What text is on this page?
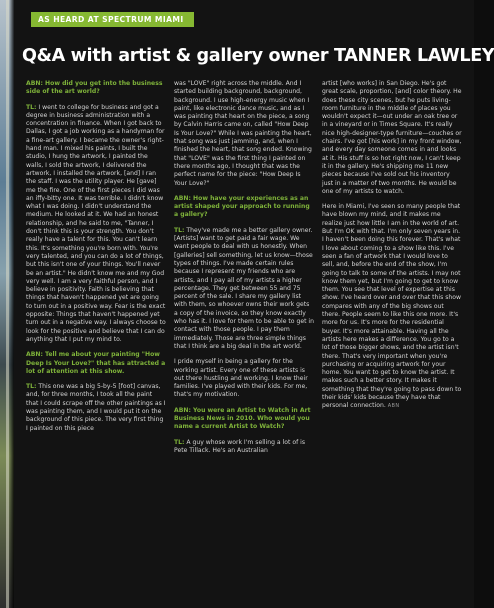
AS HEARD AT SPECTRUM MIAMI
Q&A with artist & gallery owner TANNER LAWLEY

ABN: How did you get into the business side of the art world?

TL: I went to college for business and got a degree in business administration with a concentration in finance. When I got back to Dallas, I got a job working as a handyman for a fine-art gallery. I became the owner's right-hand man. I mixed his paints, I built the studio, I hung the artwork, I painted the walls, I sold the artwork, I delivered the artwork, I installed the artwork, [and] I ran the staff. I was the utility player. He [gave] me the fire. One of the first pieces I did was an iffy-bitty one. It was terrible. I didn't know what I was doing. I didn't understand the medium. He looked at it. We had an honest relationship, and he said to me, "Tanner, I don't think this is your strength. You don't really have a talent for this. You can't learn this. It's something you're born with. You're very talented, and you can do a lot of things, but this isn't one of your things. You'll never be an artist." He didn't know me and my God very well. I am a very faithful person, and I believe in positivity. Faith is believing that things that haven't happened yet are going to turn out in a positive way. Fear is the exact opposite: Things that haven't happened yet turn out in a negative way. I always choose to look for the positive and believe that I can do anything that I put my mind to.

ABN: Tell me about your painting "How Deep Is Your Love?" that has attracted a lot of attention at this show.

TL: This one was a big 5-by-5 [foot] canvas, and, for three months, I took all the paint that I could scrape off the other paintings as I was painting them, and I would put it on the background of this piece. The very first thing I painted on this piece

was "LOVE" right across the middle. And I started building background, background, background. I use high-energy music when I paint, like electronic dance music, and as I was painting that heart on the piece, a song by Calvin Harris came on, called "How Deep Is Your Love?" While I was painting the heart, that song was just jamming, and, when I finished the heart, that song ended. Knowing that "LOVE" was the first thing I painted on there months ago, I thought that was the perfect name for the piece: "How Deep Is Your Love?"

ABN: How have your experiences as an artist shaped your approach to running a gallery?

TL: They've made me a better gallery owner. [Artists] want to get paid a fair wage. We want people to deal with us honestly. When [galleries] sell something, let us know—those types of things. I've made certain rules because I represent my friends who are artists, and I pay all of my artists a higher percentage. They get between 55 and 75 percent of the sale. I share my gallery list with them, so whoever owns their work gets a copy of the invoice, so they know exactly who has it. I love for them to be able to get in contact with those people. I pay them immediately. Those are three simple things that I think are a big deal in the art world.

I pride myself in being a gallery for the working artist. Every one of these artists is out there hustling and working. I know their families. I've played with their kids. For me, that's my motivation.

ABN: You were an Artist to Watch in Art Business News in 2010. Who would you name a current Artist to Watch?

TL: A guy whose work I'm selling a lot of is Pete Tillack. He's an Australian

artist [who works] in San Diego. He's got great scale, proportion, [and] color theory. He does these city scenes, but he puts living-room furniture in the middle of places you wouldn't expect it—out under an oak tree or in a vineyard or in Times Square. It's really nice high-designer-type furniture—couches or chairs. I've got [his work] in my front window, and every day someone comes in and looks at it. His stuff is so hot right now, I can't keep it in the gallery. He's shipping me 11 new pieces because I've sold out his inventory just in a matter of two months. He would be one of my artists to watch.

Here in Miami, I've seen so many people that have blown my mind, and it makes me realize just how little I am in the world of art. But I'm OK with that. I'm only seven years in. I haven't been doing this forever. That's what I love about coming to a show like this. I've seen a fan of artwork that I would love to sell, and, before the end of the show, I'm going to talk to some of the artists. I may not know them yet, but I'm going to get to know them. You see that level of expertise at this show. I've heard over and over that this show compares with any of the big shows out there. People seem to like this one more. It's more for us. It's more for the residential buyer. It's more attainable. Having all the artists here makes a difference. You go to a lot of those bigger shows, and the artist isn't there. That's very important when you're purchasing or acquiring artwork for your home. You want to get to know the artist. It makes such a better story. It makes it something that they're going to pass down to their kids' kids because they have that personal connection. ABN
